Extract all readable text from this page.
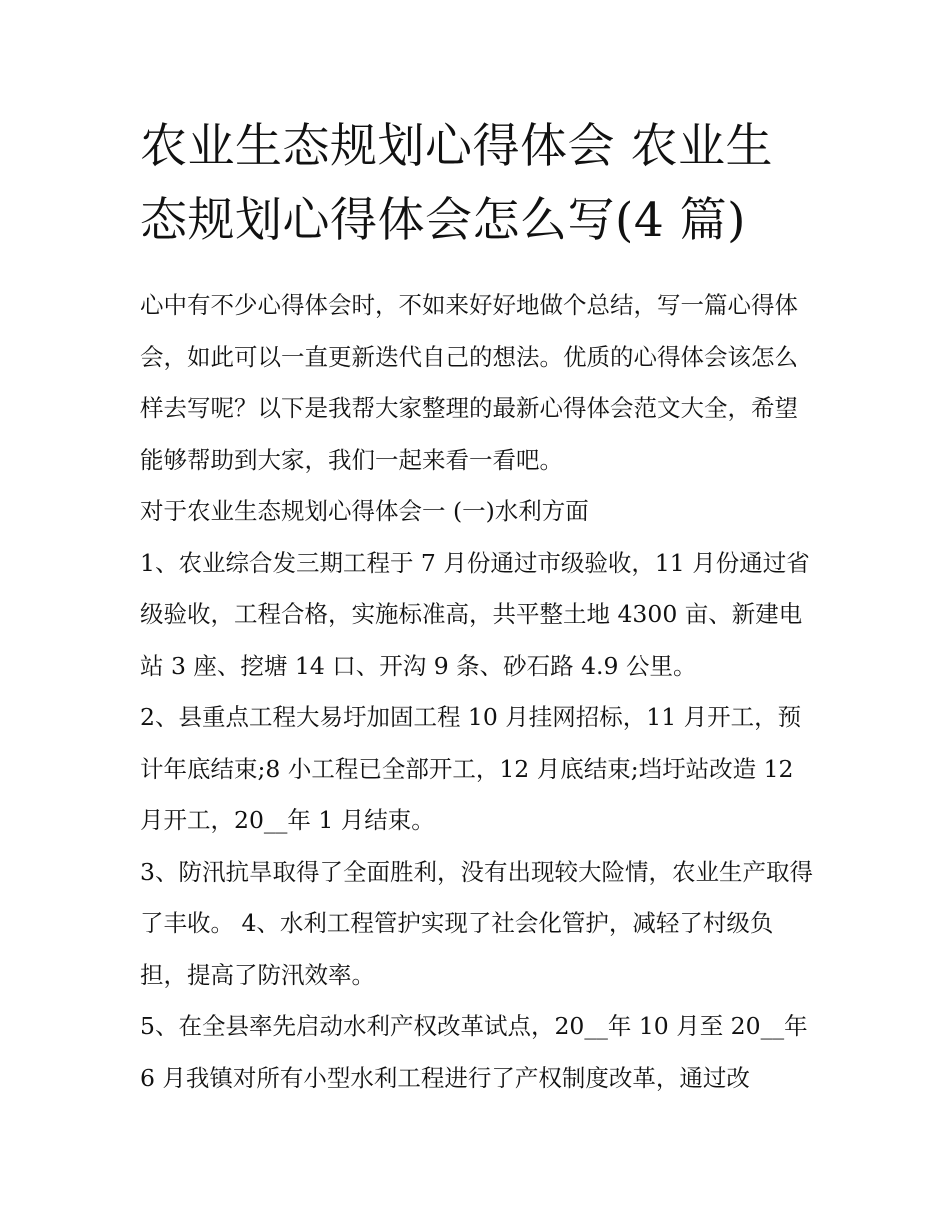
农业生态规划心得体会 农业生态规划心得体会怎么写(4 篇)

心中有不少心得体会时，不如来好好地做个总结，写一篇心得体会，如此可以一直更新迭代自己的想法。优质的心得体会该怎么样去写呢？以下是我帮大家整理的最新心得体会范文大全，希望能够帮助到大家，我们一起来看一看吧。

对于农业生态规划心得体会一 (一)水利方面

1、农业综合发三期工程于 7 月份通过市级验收，11 月份通过省级验收，工程合格，实施标准高，共平整土地 4300 亩、新建电站 3 座、挖塘 14 口、开沟 9 条、砂石路 4.9 公里。

2、县重点工程大易圩加固工程 10 月挂网招标，11 月开工，预计年底结束;8 小工程已全部开工，12 月底结束;垱圩站改造 12 月开工，20__年 1 月结束。

3、防汛抗旱取得了全面胜利，没有出现较大险情，农业生产取得了丰收。 4、水利工程管护实现了社会化管护，减轻了村级负担，提高了防汛效率。

5、在全县率先启动水利产权改革试点，20__年 10 月至 20__年 6 月我镇对所有小型水利工程进行了产权制度改革，通过改
